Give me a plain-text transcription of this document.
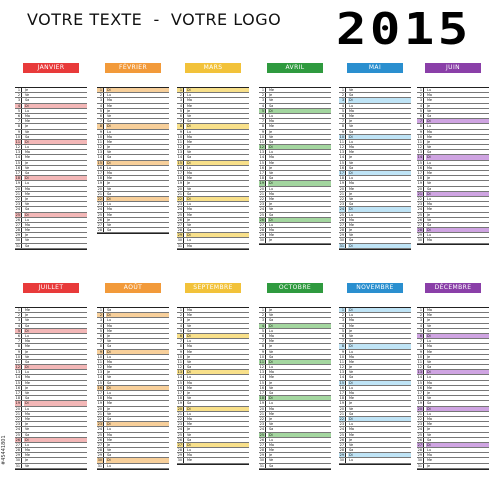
VOTRE TEXTE  -  VOTRE LOGO 2015
JANVIER
1	Je
2	Ve
3	Sa
4	Di
5	Lu
6	Ma
7	Me
8	Je
9	Ve
10	Sa
11	Di
12	Lu
13	Ma
14	Me
15	Je
16	Ve
17	Sa
18	Di
19	Lu
20	Ma
21	Me
22	Je
23	Ve
24	Sa
25	Di
26	Lu
27	Ma
28	Me
29	Je
30	Ve
31	Sa
FÉVRIER
1	Di
2	Lu
3	Ma
4	Me
5	Je
6	Ve
7	Sa
8	Di
9	Lu
10	Ma
11	Me
12	Je
13	Ve
14	Sa
15	Di
16	Lu
17	Ma
18	Me
19	Je
20	Ve
21	Sa
22	Di
23	Lu
24	Ma
25	Me
26	Je
27	Ve
28	Sa
MARS
1	Di
2	Lu
3	Ma
4	Me
5	Je
6	Ve
7	Sa
8	Di
9	Lu
10	Ma
11	Me
12	Je
13	Ve
14	Sa
15	Di
16	Lu
17	Ma
18	Me
19	Je
20	Ve
21	Sa
22	Di
23	Lu
24	Ma
25	Me
26	Je
27	Ve
28	Sa
29	Di
30	Lu
31	Ma
AVRIL
1	Me
2	Je
3	Ve
4	Sa
5	Di
6	Lu
7	Ma
8	Me
9	Je
10	Ve
11	Sa
12	Di
13	Lu
14	Ma
15	Me
16	Je
17	Ve
18	Sa
19	Di
20	Lu
21	Ma
22	Me
23	Je
24	Ve
25	Sa
26	Di
27	Lu
28	Ma
29	Me
30	Je
MAI
1	Ve
2	Sa
3	Di
4	Lu
5	Ma
6	Me
7	Je
8	Ve
9	Sa
10	Di
11	Lu
12	Ma
13	Me
14	Je
15	Ve
16	Sa
17	Di
18	Lu
19	Ma
20	Me
21	Je
22	Ve
23	Sa
24	Di
25	Lu
26	Ma
27	Me
28	Je
29	Ve
30	Sa
31	Di
JUIN
1	Lu
2	Ma
3	Me
4	Je
5	Ve
6	Sa
7	Di
8	Lu
9	Ma
10	Me
11	Je
12	Ve
13	Sa
14	Di
15	Lu
16	Ma
17	Me
18	Je
19	Ve
20	Sa
21	Di
22	Lu
23	Ma
24	Me
25	Je
26	Ve
27	Sa
28	Di
29	Lu
30	Ma
JUILLET
1	Me
2	Je
3	Ve
4	Sa
5	Di
6	Lu
7	Ma
8	Me
9	Je
10	Ve
11	Sa
12	Di
13	Lu
14	Ma
15	Me
16	Je
17	Ve
18	Sa
19	Di
20	Lu
21	Ma
22	Me
23	Je
24	Ve
25	Sa
26	Di
27	Lu
28	Ma
29	Me
30	Je
31	Ve
AOÛT
1	Sa
2	Di
3	Lu
4	Ma
5	Me
6	Je
7	Ve
8	Sa
9	Di
10	Lu
11	Ma
12	Me
13	Je
14	Ve
15	Sa
16	Di
17	Lu
18	Ma
19	Me
20	Je
21	Ve
22	Sa
23	Di
24	Lu
25	Ma
26	Me
27	Je
28	Ve
29	Sa
30	Di
31	Lu
SEPTEMBRE
1	Ma
2	Me
3	Je
4	Ve
5	Sa
6	Di
7	Lu
8	Ma
9	Me
10	Je
11	Ve
12	Sa
13	Di
14	Lu
15	Ma
16	Me
17	Je
18	Ve
19	Sa
20	Di
21	Lu
22	Ma
23	Me
24	Je
25	Ve
26	Sa
27	Di
28	Lu
29	Ma
30	Me
OCTOBRE
1	Je
2	Ve
3	Sa
4	Di
5	Lu
6	Ma
7	Me
8	Je
9	Ve
10	Sa
11	Di
12	Lu
13	Ma
14	Me
15	Je
16	Ve
17	Sa
18	Di
19	Lu
20	Ma
21	Me
22	Je
23	Ve
24	Sa
25	Di
26	Lu
27	Ma
28	Me
29	Je
30	Ve
31	Sa
NOVEMBRE
1	Di
2	Lu
3	Ma
4	Me
5	Je
6	Ve
7	Sa
8	Di
9	Lu
10	Ma
11	Me
12	Je
13	Ve
14	Sa
15	Di
16	Lu
17	Ma
18	Me
19	Je
20	Ve
21	Sa
22	Di
23	Lu
24	Ma
25	Me
26	Je
27	Ve
28	Sa
29	Di
30	Lu
DÉCEMBRE
1	Ma
2	Me
3	Je
4	Ve
5	Sa
6	Di
7	Lu
8	Ma
9	Me
10	Je
11	Ve
12	Sa
13	Di
14	Lu
15	Ma
16	Me
17	Je
18	Ve
19	Sa
20	Di
21	Lu
22	Ma
23	Me
24	Je
25	Ve
26	Sa
27	Di
28	Lu
29	Ma
30	Me
31	Je
#45441801
